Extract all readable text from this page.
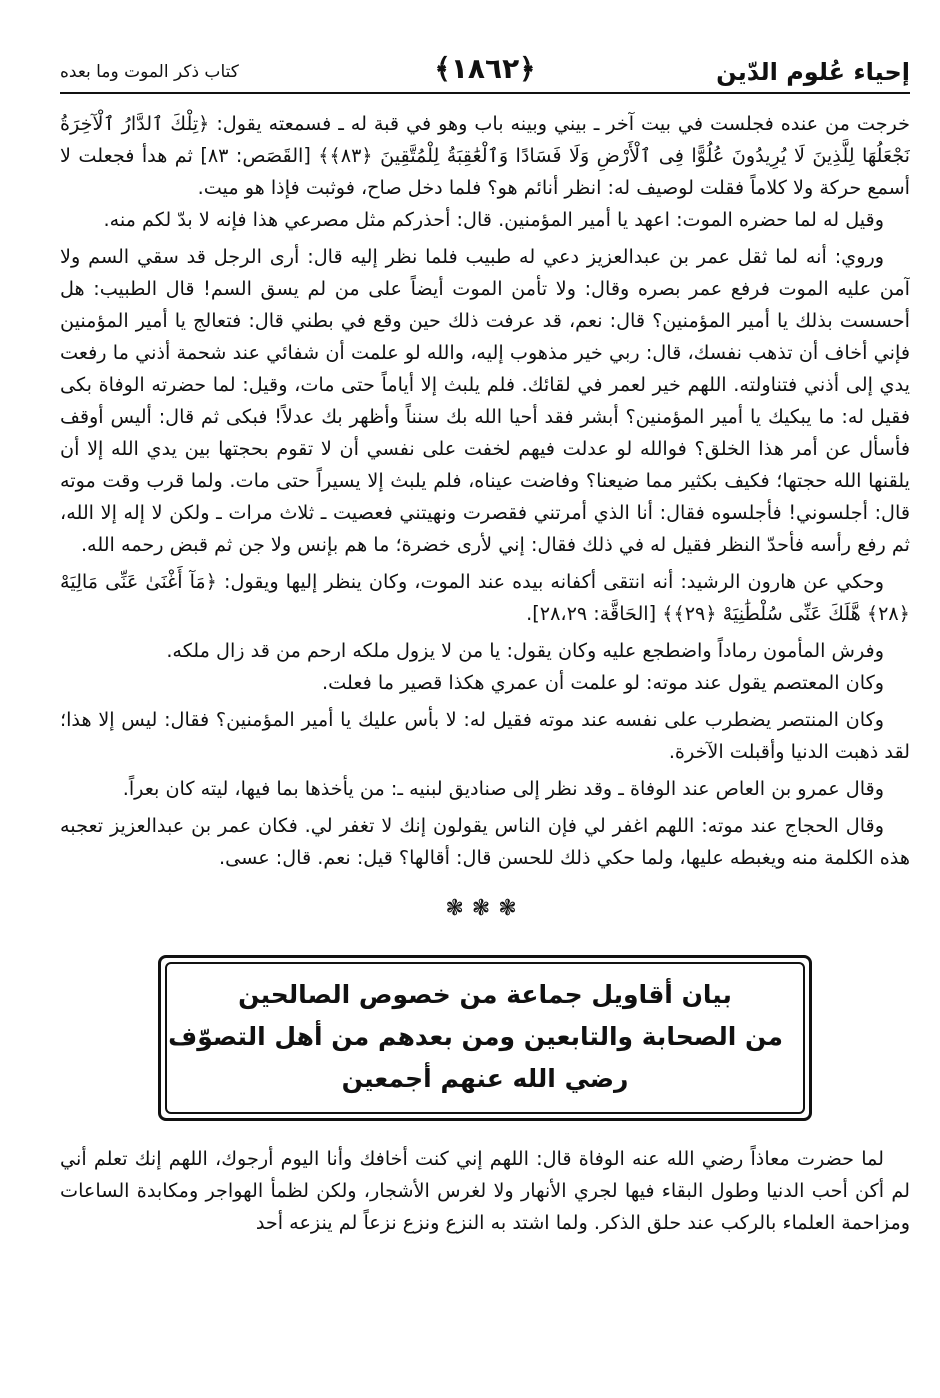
إحياء عُلوم الدّين
﴿١٨٦٢﴾
كتاب ذكر الموت وما بعده

خرجت من عنده فجلست في بيت آخر ـ بيني وبينه باب وهو في قبة له ـ فسمعته يقول: ﴿تِلْكَ ٱلدَّارُ ٱلْآخِرَةُ نَجْعَلُهَا لِلَّذِينَ لَا يُرِيدُونَ عُلُوًّا فِى ٱلْأَرْضِ وَلَا فَسَادًا وَٱلْعَٰقِبَةُ لِلْمُتَّقِينَ ﴿٨٣﴾﴾ [القَصَص: ٨٣] ثم هدأ فجعلت لا أسمع حركة ولا كلاماً فقلت لوصيف له: انظر أنائم هو؟ فلما دخل صاح، فوثبت فإذا هو ميت.

وقيل له لما حضره الموت: اعهد يا أمير المؤمنين. قال: أحذركم مثل مصرعي هذا فإنه لا بدّ لكم منه.

وروي: أنه لما ثقل عمر بن عبدالعزيز دعي له طبيب فلما نظر إليه قال: أرى الرجل قد سقي السم ولا آمن عليه الموت فرفع عمر بصره وقال: ولا تأمن الموت أيضاً على من لم يسق السم! قال الطبيب: هل أحسست بذلك يا أمير المؤمنين؟ قال: نعم، قد عرفت ذلك حين وقع في بطني قال: فتعالج يا أمير المؤمنين فإني أخاف أن تذهب نفسك، قال: ربي خير مذهوب إليه، والله لو علمت أن شفائي عند شحمة أذني ما رفعت يدي إلى أذني فتناولته. اللهم خير لعمر في لقائك. فلم يلبث إلا أياماً حتى مات، وقيل: لما حضرته الوفاة بكى فقيل له: ما يبكيك يا أمير المؤمنين؟ أبشر فقد أحيا الله بك سنناً وأظهر بك عدلاً! فبكى ثم قال: أليس أوقف فأسأل عن أمر هذا الخلق؟ فوالله لو عدلت فيهم لخفت على نفسي أن لا تقوم بحجتها بين يدي الله إلا أن يلقنها الله حجتها؛ فكيف بكثير مما ضيعنا؟ وفاضت عيناه، فلم يلبث إلا يسيراً حتى مات. ولما قرب وقت موته قال: أجلسوني! فأجلسوه فقال: أنا الذي أمرتني فقصرت ونهيتني فعصيت ـ ثلاث مرات ـ ولكن لا إله إلا الله، ثم رفع رأسه فأحدّ النظر فقيل له في ذلك فقال: إني لأرى خضرة؛ ما هم بإنس ولا جن ثم قبض رحمه الله.

وحكي عن هارون الرشيد: أنه انتقى أكفانه بيده عند الموت، وكان ينظر إليها ويقول: ﴿مَآ أَغْنَىٰ عَنِّى مَالِيَهْ ﴿٢٨﴾ هَّلَكَ عَنِّى سُلْطَٰنِيَهْ ﴿٢٩﴾﴾ [الحَاقَّة: ٢٨،٢٩].

وفرش المأمون رماداً واضطجع عليه وكان يقول: يا من لا يزول ملكه ارحم من قد زال ملكه.

وكان المعتصم يقول عند موته: لو علمت أن عمري هكذا قصير ما فعلت.

وكان المنتصر يضطرب على نفسه عند موته فقيل له: لا بأس عليك يا أمير المؤمنين؟ فقال: ليس إلا هذا؛ لقد ذهبت الدنيا وأقبلت الآخرة.

وقال عمرو بن العاص عند الوفاة ـ وقد نظر إلى صناديق لبنيه ـ: من يأخذها بما فيها، ليته كان بعراً.

وقال الحجاج عند موته: اللهم اغفر لي فإن الناس يقولون إنك لا تغفر لي. فكان عمر بن عبدالعزيز تعجبه هذه الكلمة منه ويغبطه عليها، ولما حكي ذلك للحسن قال: أقالها؟ قيل: نعم. قال: عسى.

❃❃❃
بيان أقاويل جماعة من خصوص الصالحين
من الصحابة والتابعين ومن بعدهم من أهل التصوّف
رضي الله عنهم أجمعين

لما حضرت معاذاً رضي الله عنه الوفاة قال: اللهم إني كنت أخافك وأنا اليوم أرجوك، اللهم إنك تعلم أني لم أكن أحب الدنيا وطول البقاء فيها لجري الأنهار ولا لغرس الأشجار، ولكن لظمأ الهواجر ومكابدة الساعات ومزاحمة العلماء بالركب عند حلق الذكر. ولما اشتد به النزع ونزع نزعاً لم ينزعه أحد
